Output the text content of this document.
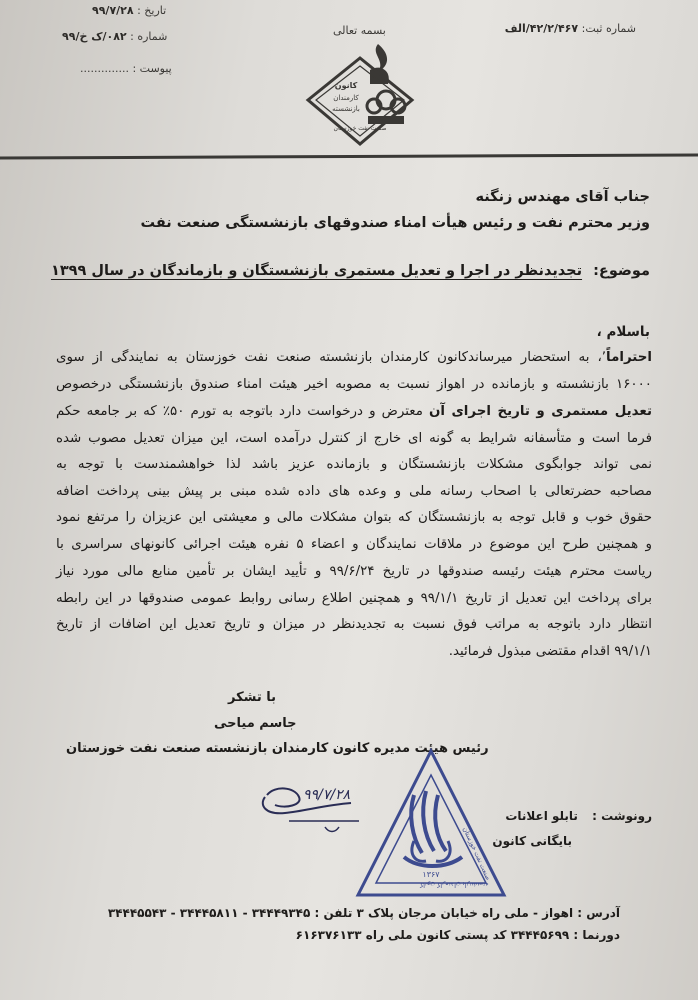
تاریخ : ۹۹/۷/۲۸
شماره : ۰۸۲/ک خ/۹۹
پیوست : ..............
بسمه تعالی	شماره ثبت: ۴۲/۲/۴۶۷/الف
کانون
کارمندان
بازنشسته
صنعت نفت خوزستان
جناب آقای مهندس زنگنه
وزیر محترم نفت و رئیس هیأت امناء صندوقهای بازنشستگی صنعت نفت
موضوع: تجدیدنظر در اجرا و تعدیل مستمری بازنشستگان و بازماندگان در سال ۱۳۹۹
باسلام ،
احتراماً٬، به استحضار میرساندکانون کارمندان بازنشسته صنعت نفت خوزستان به نمایندگی از سوی
۱۶۰۰۰ بازنشسته و بازمانده در اهواز نسبت به مصوبه اخیر هیئت امناء صندوق بازنشستگی درخصوص
تعدیل مستمری و تاریخ اجرای آن معترض و درخواست دارد باتوجه به تورم ۵۰٪ که بر جامعه حکم
فرما است و متأسفانه شرایط به گونه ای خارج از کنترل درآمده است، این میزان تعدیل مصوب شده
نمی تواند جوابگوی مشکلات بازنشستگان و بازمانده عزیز باشد لذا خواهشمندست با توجه به
مصاحبه حضرتعالی با اصحاب رسانه ملی و وعده های داده شده مبنی بر پیش بینی پرداخت اضافه
حقوق خوب و قابل توجه به بازنشستگان که بتوان مشکلات مالی و معیشتی این عزیزان را مرتفع نمود
و همچنین طرح این موضوع در ملاقات نمایندگان و اعضاء ۵ نفره هیئت اجرائی کانونهای سراسری با
ریاست محترم هیئت رئیسه صندوقها در تاریخ ۹۹/۶/۲۴ و تأیید ایشان بر تأمین منابع مالی مورد نیاز
برای پرداخت این تعدیل از تاریخ ۹۹/۱/۱ و همچنین اطلاع رسانی روابط عمومی صندوقها در این رابطه
انتظار دارد باتوجه به مراتب فوق نسبت به تجدیدنظر در میزان و تاریخ تعدیل این اضافات از تاریخ
۹۹/۱/۱ اقدام مقتضی مبذول فرمائید.
با تشکر
جاسم میاحی
رئیس هیئت مدیره کانون کارمندان بازنشسته صنعت نفت خوزستان
۹۹/۷/۲۸
۱۳۶۷
کانون کارمندان بازنشسته صنعت نفت خوزستان
رونوشت : تابلو اعلانات
بایگانی کانون
آدرس : اهواز - ملی راه خیابان مرجان پلاک ۳ تلفن : ۳۴۴۴۹۳۴۵ - ۳۴۴۴۵۸۱۱ - ۳۴۴۴۵۵۴۳
دورنما : ۳۴۴۴۵۶۹۹ کد پستی کانون ملی راه ۶۱۶۳۷۶۱۳۳
